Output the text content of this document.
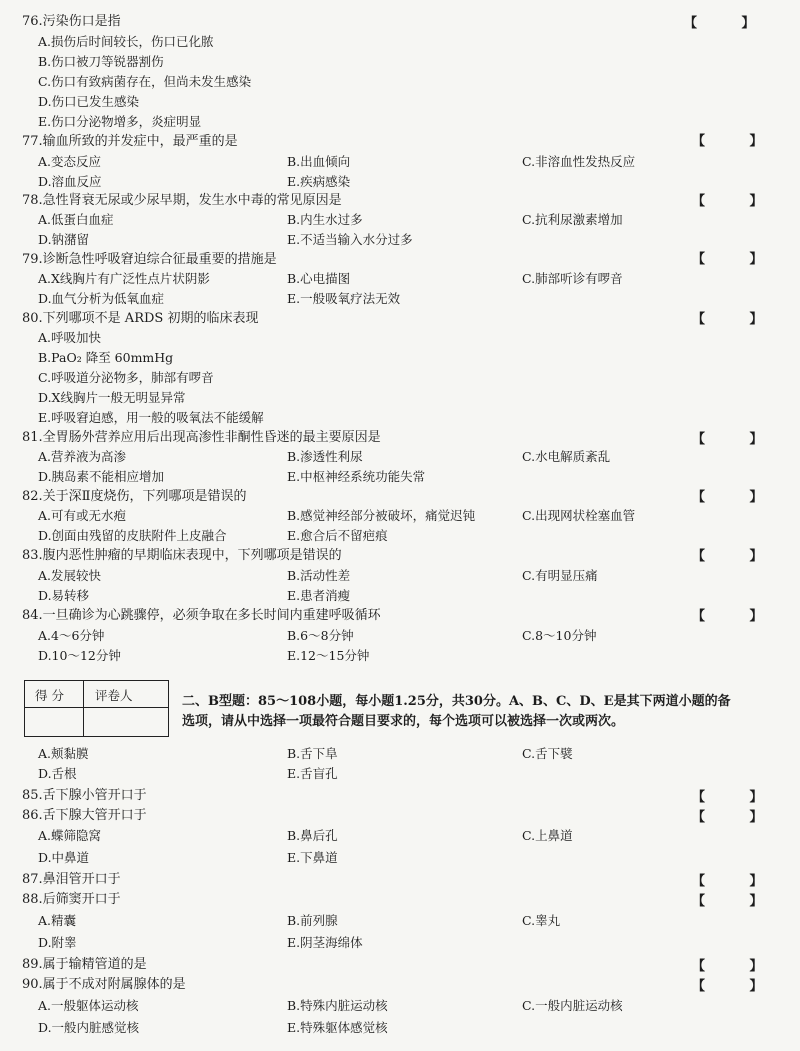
76.污染伤口是指	【 】
A.损伤后时间较长，伤口已化脓
B.伤口被刀等锐器割伤
C.伤口有致病菌存在，但尚未发生感染
D.伤口已发生感染
E.伤口分泌物增多，炎症明显
77.输血所致的并发症中，最严重的是	【 】
A.变态反应	B.出血倾向	C.非溶血性发热反应
D.溶血反应	E.疾病感染
78.急性肾衰无尿或少尿早期，发生水中毒的常见原因是	【 】
A.低蛋白血症	B.内生水过多	C.抗利尿激素增加
D.钠潴留	E.不适当输入水分过多
79.诊断急性呼吸窘迫综合征最重要的措施是	【 】
A.X线胸片有广泛性点片状阴影	B.心电描图	C.肺部听诊有啰音
D.血气分析为低氧血症	E.一般吸氧疗法无效
80.下列哪项不是 ARDS 初期的临床表现	【 】
A.呼吸加快
B.PaO₂ 降至 60mmHg
C.呼吸道分泌物多，肺部有啰音
D.X线胸片一般无明显异常
E.呼吸窘迫感，用一般的吸氧法不能缓解
81.全胃肠外营养应用后出现高渗性非酮性昏迷的最主要原因是	【 】
A.营养液为高渗	B.渗透性利尿	C.水电解质紊乱
D.胰岛素不能相应增加	E.中枢神经系统功能失常
82.关于深Ⅱ度烧伤，下列哪项是错误的	【 】
A.可有或无水疱	B.感觉神经部分被破坏，痛觉迟钝	C.出现网状栓塞血管
D.创面由残留的皮肤附件上皮融合	E.愈合后不留疤痕
83.腹内恶性肿瘤的早期临床表现中，下列哪项是错误的	【 】
A.发展较快	B.活动性差	C.有明显压痛
D.易转移	E.患者消瘦
84.一旦确诊为心跳骤停，必须争取在多长时间内重建呼吸循环	【 】
A.4～6分钟	B.6～8分钟	C.8～10分钟
D.10～12分钟	E.12～15分钟
得 分 评卷人	二、B型题：85～108小题，每小题1.25分，共30分。A、B、C、D、E是其下两道小题的备
选项，请从中选择一项最符合题目要求的，每个选项可以被选择一次或两次。
A.颊黏膜	B.舌下阜	C.舌下襞
D.舌根	E.舌盲孔
85.舌下腺小管开口于	【 】
86.舌下腺大管开口于	【 】
A.蝶筛隐窝	B.鼻后孔	C.上鼻道
D.中鼻道	E.下鼻道
87.鼻泪管开口于	【 】
88.后筛窦开口于	【 】
A.精囊	B.前列腺	C.睾丸
D.附睾	E.阴茎海绵体
89.属于输精管道的是	【 】
90.属于不成对附属腺体的是	【 】
A.一般躯体运动核	B.特殊内脏运动核	C.一般内脏运动核
D.一般内脏感觉核	E.特殊躯体感觉核
